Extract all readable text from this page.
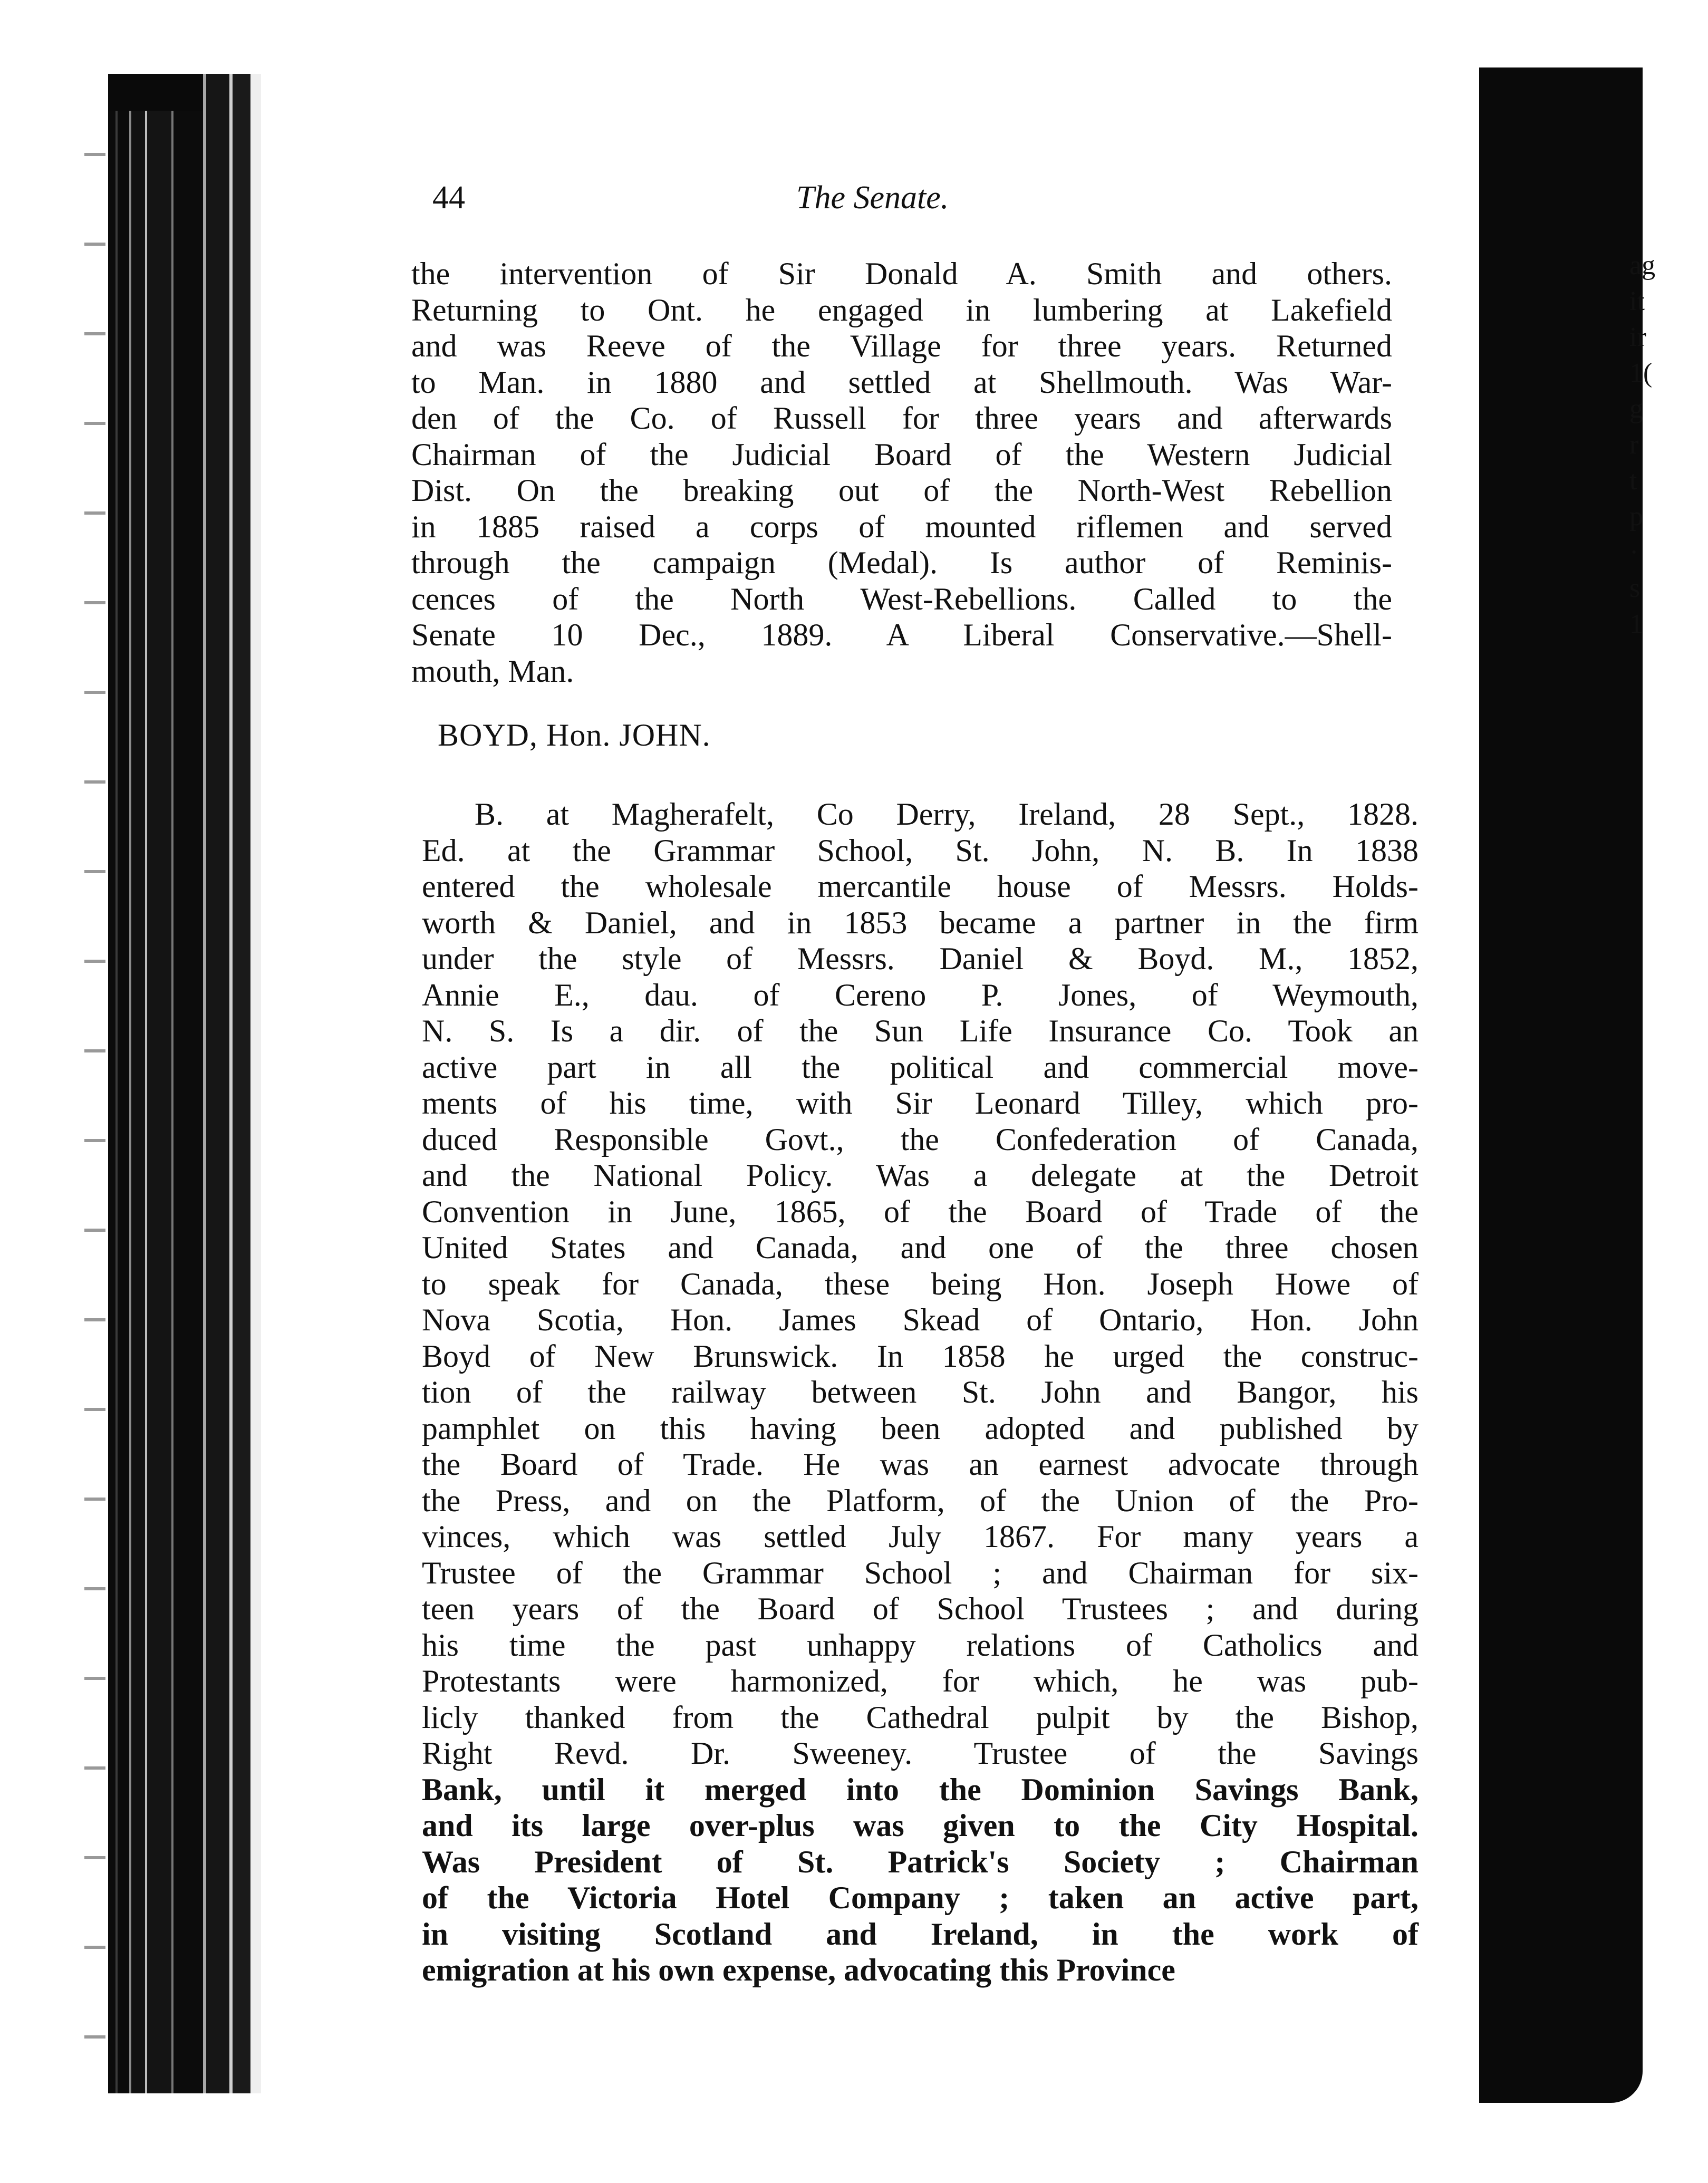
ag
it
ir
1(
g
r
t
p
·
s
1
44	The Senate.
the intervention of Sir Donald A. Smith and others.
Returning to Ont. he engaged in lumbering at Lakefield
and was Reeve of the Village for three years. Returned
to Man. in 1880 and settled at Shellmouth. Was War-
den of the Co. of Russell for three years and afterwards
Chairman of the Judicial Board of the Western Judicial
Dist. On the breaking out of the North-West Rebellion
in 1885 raised a corps of mounted riflemen and served
through the campaign (Medal). Is author of Reminis-
cences of the North West-Rebellions. Called to the
Senate 10 Dec., 1889. A Liberal Conservative.—Shell-
mouth, Man.
BOYD, Hon. JOHN.
B. at Magherafelt, Co Derry, Ireland, 28 Sept., 1828.
Ed. at the Grammar School, St. John, N. B. In 1838
entered the wholesale mercantile house of Messrs. Holds-
worth & Daniel, and in 1853 became a partner in the firm
under the style of Messrs. Daniel & Boyd. M., 1852,
Annie E., dau. of Cereno P. Jones, of Weymouth,
N. S. Is a dir. of the Sun Life Insurance Co. Took an
active part in all the political and commercial move-
ments of his time, with Sir Leonard Tilley, which pro-
duced Responsible Govt., the Confederation of Canada,
and the National Policy. Was a delegate at the Detroit
Convention in June, 1865, of the Board of Trade of the
United States and Canada, and one of the three chosen
to speak for Canada, these being Hon. Joseph Howe of
Nova Scotia, Hon. James Skead of Ontario, Hon. John
Boyd of New Brunswick. In 1858 he urged the construc-
tion of the railway between St. John and Bangor, his
pamphlet on this having been adopted and published by
the Board of Trade. He was an earnest advocate through
the Press, and on the Platform, of the Union of the Pro-
vinces, which was settled July 1867. For many years a
Trustee of the Grammar School ; and Chairman for six-
teen years of the Board of School Trustees ; and during
his time the past unhappy relations of Catholics and
Protestants were harmonized, for which, he was pub-
licly thanked from the Cathedral pulpit by the Bishop,
Right Revd. Dr. Sweeney. Trustee of the Savings
Bank, until it merged into the Dominion Savings Bank,
and its large over-plus was given to the City Hospital.
Was President of St. Patrick's Society ; Chairman
of the Victoria Hotel Company ; taken an active part,
in visiting Scotland and Ireland, in the work of
emigration at his own expense, advocating this Province
